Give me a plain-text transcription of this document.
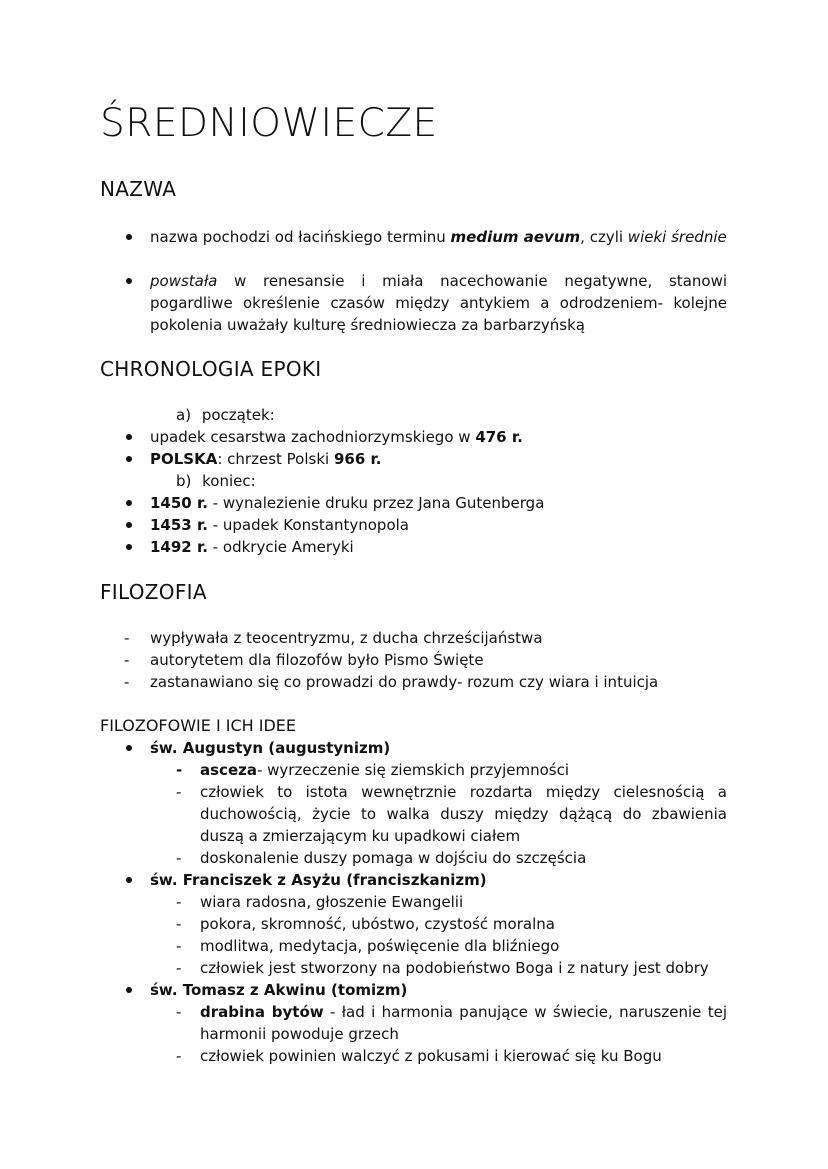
ŚREDNIOWIECZE
NAZWA
nazwa pochodzi od łacińskiego terminu medium aevum, czyli wieki średnie
powstała w renesansie i miała nacechowanie negatywne, stanowi pogardliwe określenie czasów między antykiem a odrodzeniem- kolejne pokolenia uważały kulturę średniowiecza za barbarzyńską
CHRONOLOGIA EPOKI
a) początek:
upadek cesarstwa zachodniorzymskiego w 476 r.
POLSKA: chrzest Polski 966 r.
b) koniec:
1450 r. - wynalezienie druku przez Jana Gutenberga
1453 r. - upadek Konstantynopola
1492 r. - odkrycie Ameryki
FILOZOFIA
- wypływała z teocentryzmu, z ducha chrześcijaństwa
- autorytetem dla filozofów było Pismo Święte
- zastanawiano się co prowadzi do prawdy- rozum czy wiara i intuicja
FILOZOFOWIE I ICH IDEE
św. Augustyn (augustynizm)
- asceza- wyrzeczenie się ziemskich przyjemności
- człowiek to istota wewnętrznie rozdarta między cielesnością a duchowością, życie to walka duszy między dążącą do zbawienia duszą a zmierzającym ku upadkowi ciałem
- doskonalenie duszy pomaga w dojściu do szczęścia
św. Franciszek z Asyżu (franciszkanizm)
- wiara radosna, głoszenie Ewangelii
- pokora, skromność, ubóstwo, czystość moralna
- modlitwa, medytacja, poświęcenie dla bliźniego
- człowiek jest stworzony na podobieństwo Boga i z natury jest dobry
św. Tomasz z Akwinu (tomizm)
- drabina bytów - ład i harmonia panujące w świecie, naruszenie tej harmonii powoduje grzech
- człowiek powinien walczyć z pokusami i kierować się ku Bogu
